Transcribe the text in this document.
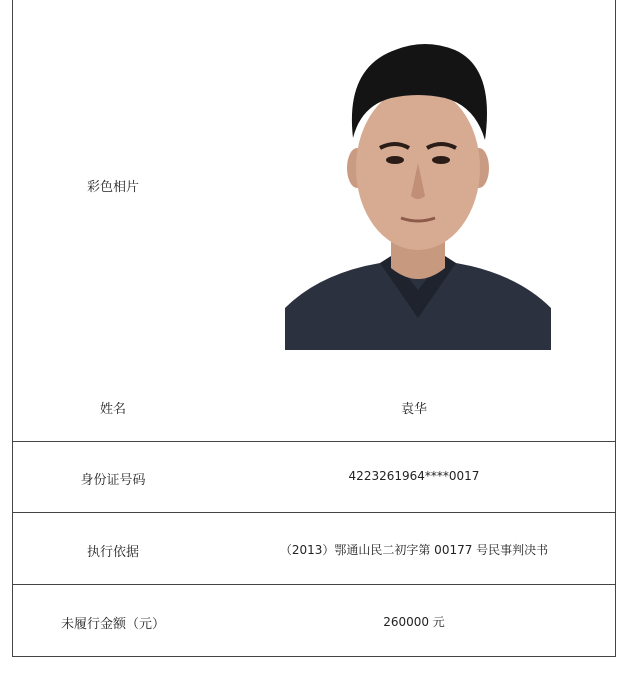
彩色相片
姓名	袁华
身份证号码	4223261964****0017
执行依据	（2013）鄂通山民二初字第 00177 号民事判决书
未履行金额（元）	260000 元
